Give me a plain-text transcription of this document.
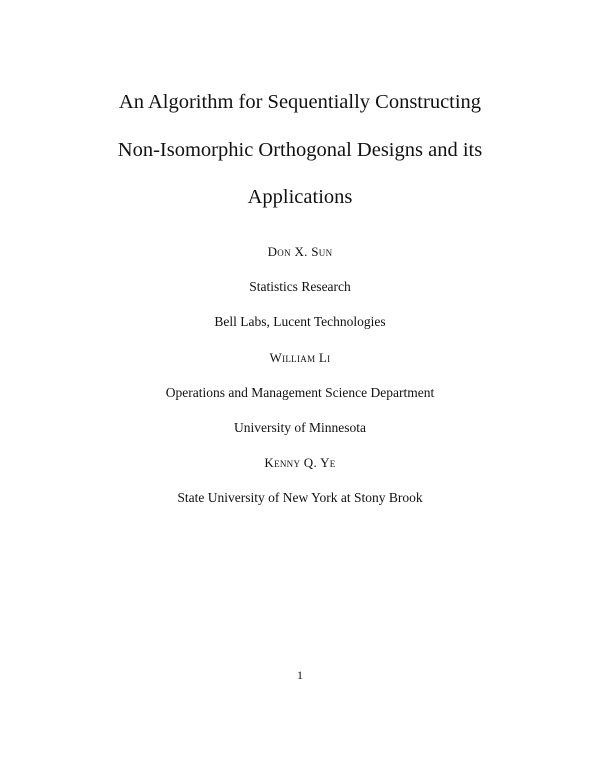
An Algorithm for Sequentially Constructing
Non-Isomorphic Orthogonal Designs and its
Applications
Don X. Sun
Statistics Research
Bell Labs, Lucent Technologies
William Li
Operations and Management Science Department
University of Minnesota
Kenny Q. Ye
State University of New York at Stony Brook
1
